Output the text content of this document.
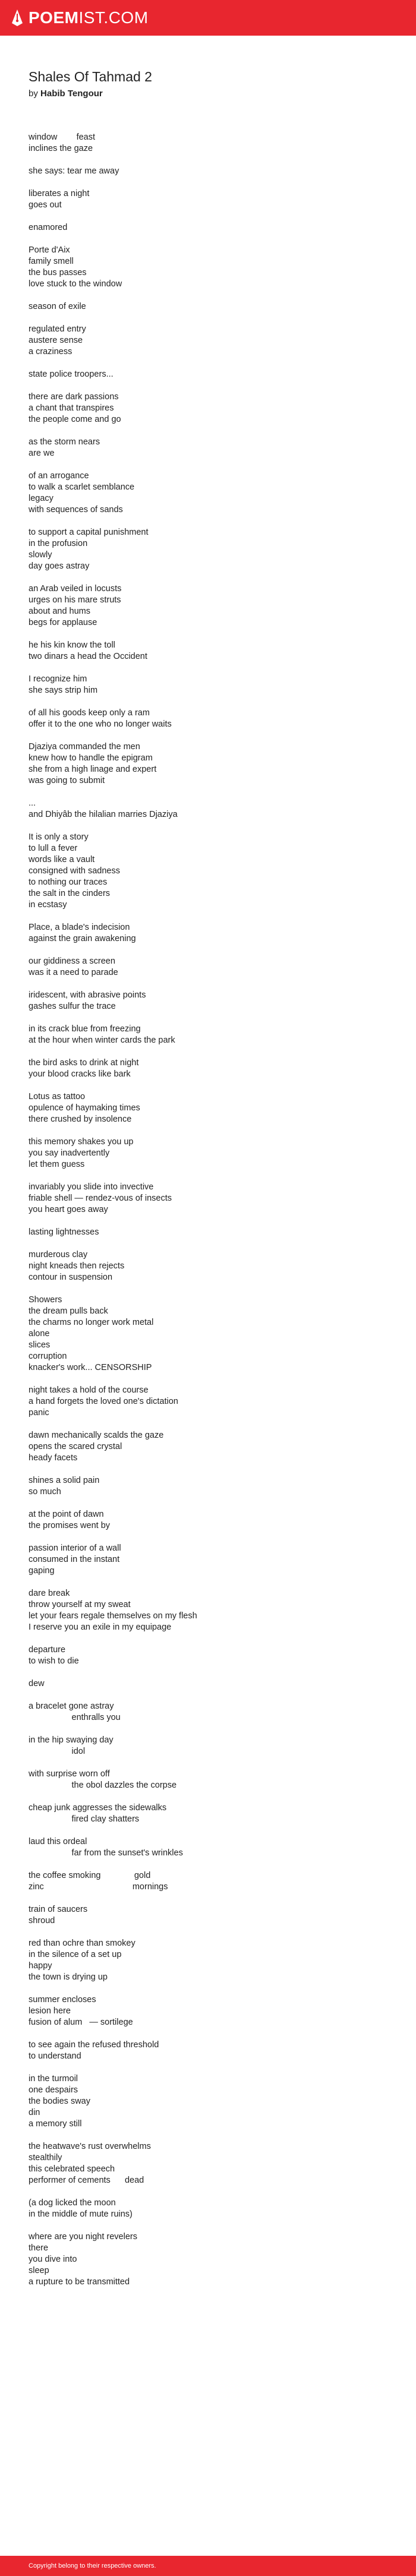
POEMIST.COM
Shales Of Tahmad 2
by Habib Tengour
window        feast
inclines the gaze
she says: tear me away
liberates a night
goes out
enamored
Porte d'Aix
family smell
the bus passes
love stuck to the window
season of exile
regulated entry
austere sense
a craziness
state police troopers...
there are dark passions
a chant that transpires
the people come and go
as the storm nears
are we
of an arrogance
to walk a scarlet semblance
legacy
with sequences of sands
to support a capital punishment
in the profusion
slowly
day goes astray
an Arab veiled in locusts
urges on his mare struts
about and hums
begs for applause
he his kin know the toll
two dinars a head the Occident
I recognize him
she says strip him
of all his goods keep only a ram
offer it to the one who no longer waits
Djaziya commanded the men
knew how to handle the epigram
she from a high linage and expert
was going to submit
...
and Dhiyâb the hilalian marries Djaziya
It is only a story
to lull a fever
words like a vault
consigned with sadness
to nothing our traces
the salt in the cinders
in ecstasy
Place, a blade's indecision
against the grain awakening
our giddiness a screen
was it a need to parade
iridescent, with abrasive points
gashes sulfur the trace
in its crack blue from freezing
at the hour when winter cards the park
the bird asks to drink at night
your blood cracks like bark
Lotus as tattoo
opulence of haymaking times
there crushed by insolence
this memory shakes you up
you say inadvertently
let them guess
invariably you slide into invective
friable shell — rendez-vous of insects
you heart goes away
lasting lightnesses
murderous clay
night kneads then rejects
contour in suspension
Showers
the dream pulls back
the charms no longer work metal
alone
slices
corruption
knacker's work... CENSORSHIP
night takes a hold of the course
a hand forgets the loved one's dictation
panic
dawn mechanically scalds the gaze
opens the scared crystal
heady facets
shines a solid pain
so much
at the point of dawn
the promises went by
passion interior of a wall
consumed in the instant
gaping
dare break
throw yourself at my sweat
let your fears regale themselves on my flesh
I reserve you an exile in my equipage
departure
to wish to die
dew
a bracelet gone astray
enthralls you
in the hip swaying day
idol
with surprise worn off
the obol dazzles the corpse
cheap junk aggresses the sidewalks
fired clay shatters
laud this ordeal
far from the sunset's wrinkles
the coffee smoking              gold
zinc                                     mornings
train of saucers
shroud
red than ochre than smokey
in the silence of a set up
happy
the town is drying up
summer encloses
lesion here
fusion of alum   — sortilege
to see again the refused threshold
to understand
in the turmoil
one despairs
the bodies sway
din
a memory still
the heatwave's rust overwhelms
stealthily
this celebrated speech
performer of cements      dead
(a dog licked the moon
in the middle of mute ruins)
where are you night revelers
there
you dive into
sleep
a rupture to be transmitted
Copyright belong to their respective owners.
